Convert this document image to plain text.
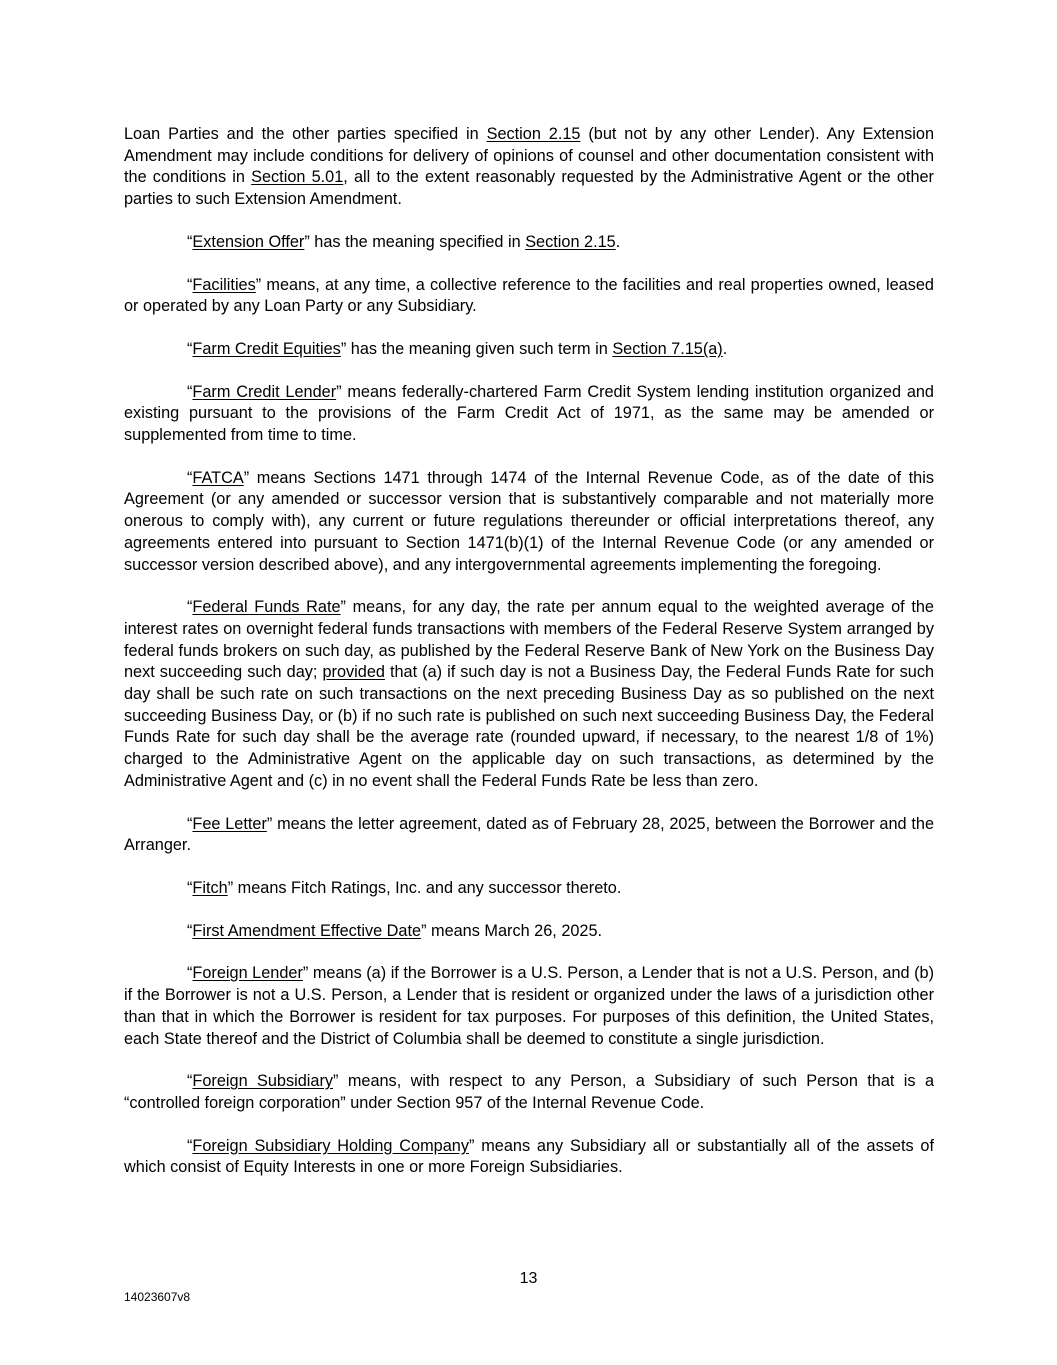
Loan Parties and the other parties specified in Section 2.15 (but not by any other Lender). Any Extension Amendment may include conditions for delivery of opinions of counsel and other documentation consistent with the conditions in Section 5.01, all to the extent reasonably requested by the Administrative Agent or the other parties to such Extension Amendment.

“Extension Offer” has the meaning specified in Section 2.15.

“Facilities” means, at any time, a collective reference to the facilities and real properties owned, leased or operated by any Loan Party or any Subsidiary.

“Farm Credit Equities” has the meaning given such term in Section 7.15(a).

“Farm Credit Lender” means federally-chartered Farm Credit System lending institution organized and existing pursuant to the provisions of the Farm Credit Act of 1971, as the same may be amended or supplemented from time to time.

“FATCA” means Sections 1471 through 1474 of the Internal Revenue Code, as of the date of this Agreement (or any amended or successor version that is substantively comparable and not materially more onerous to comply with), any current or future regulations thereunder or official interpretations thereof, any agreements entered into pursuant to Section 1471(b)(1) of the Internal Revenue Code (or any amended or successor version described above), and any intergovernmental agreements implementing the foregoing.

“Federal Funds Rate” means, for any day, the rate per annum equal to the weighted average of the interest rates on overnight federal funds transactions with members of the Federal Reserve System arranged by federal funds brokers on such day, as published by the Federal Reserve Bank of New York on the Business Day next succeeding such day; provided that (a) if such day is not a Business Day, the Federal Funds Rate for such day shall be such rate on such transactions on the next preceding Business Day as so published on the next succeeding Business Day, or (b) if no such rate is published on such next succeeding Business Day, the Federal Funds Rate for such day shall be the average rate (rounded upward, if necessary, to the nearest 1/8 of 1%) charged to the Administrative Agent on the applicable day on such transactions, as determined by the Administrative Agent and (c) in no event shall the Federal Funds Rate be less than zero.

“Fee Letter” means the letter agreement, dated as of February 28, 2025, between the Borrower and the Arranger.

“Fitch” means Fitch Ratings, Inc. and any successor thereto.

“First Amendment Effective Date” means March 26, 2025.

“Foreign Lender” means (a) if the Borrower is a U.S. Person, a Lender that is not a U.S. Person, and (b) if the Borrower is not a U.S. Person, a Lender that is resident or organized under the laws of a jurisdiction other than that in which the Borrower is resident for tax purposes. For purposes of this definition, the United States, each State thereof and the District of Columbia shall be deemed to constitute a single jurisdiction.

“Foreign Subsidiary” means, with respect to any Person, a Subsidiary of such Person that is a “controlled foreign corporation” under Section 957 of the Internal Revenue Code.

“Foreign Subsidiary Holding Company” means any Subsidiary all or substantially all of the assets of which consist of Equity Interests in one or more Foreign Subsidiaries.

13
14023607v8
